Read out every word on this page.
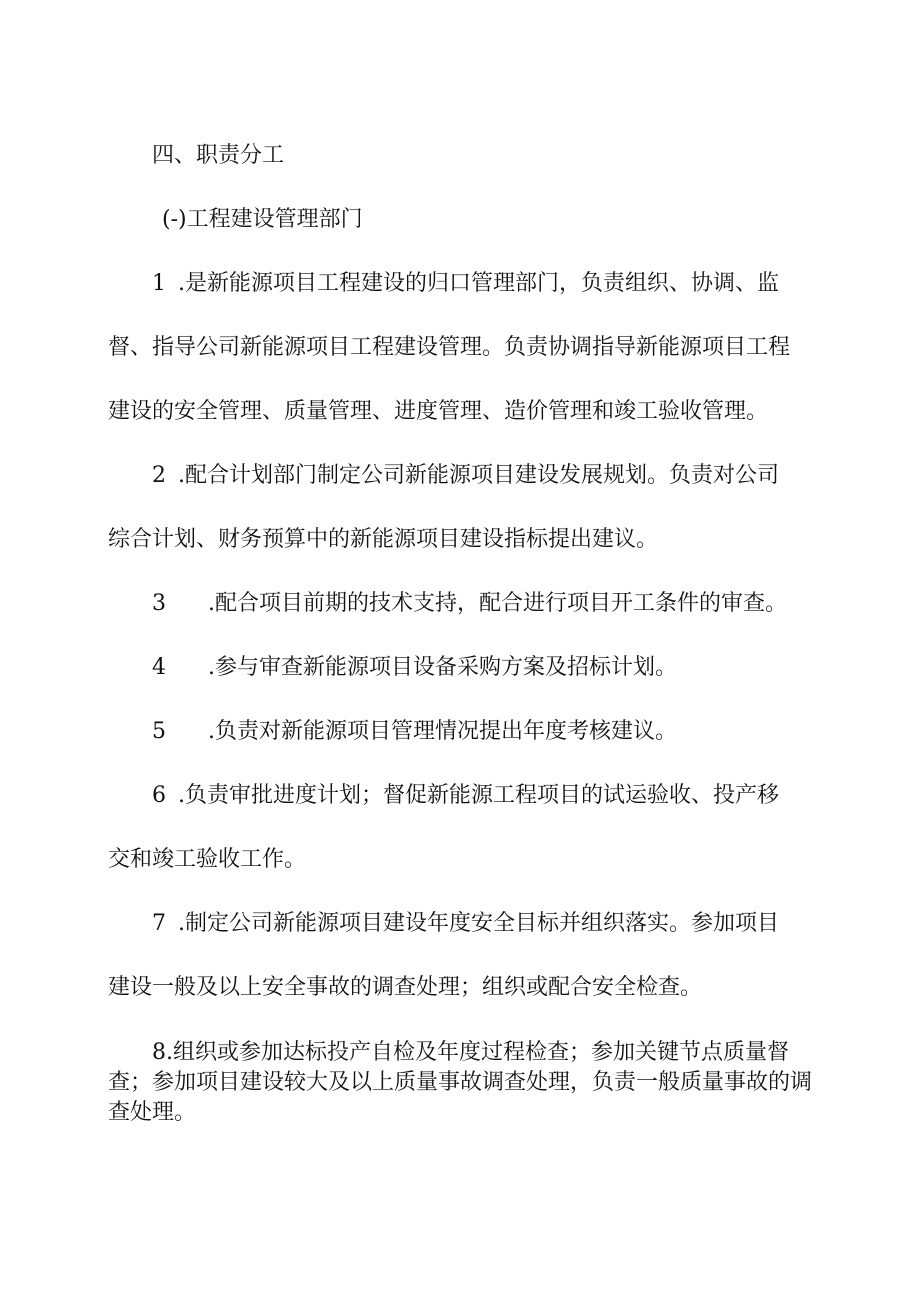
四、职责分工
(-)工程建设管理部门
1 .是新能源项目工程建设的归口管理部门，负责组织、协调、监
督、指导公司新能源项目工程建设管理。负责协调指导新能源项目工程
建设的安全管理、质量管理、进度管理、造价管理和竣工验收管理。
2 .配合计划部门制定公司新能源项目建设发展规划。负责对公司
综合计划、财务预算中的新能源项目建设指标提出建议。
3 .配合项目前期的技术支持，配合进行项目开工条件的审查。
4 .参与审查新能源项目设备采购方案及招标计划。
5 .负责对新能源项目管理情况提出年度考核建议。
6 .负责审批进度计划；督促新能源工程项目的试运验收、投产移
交和竣工验收工作。
7 .制定公司新能源项目建设年度安全目标并组织落实。参加项目
建设一般及以上安全事故的调查处理；组织或配合安全检查。
8.组织或参加达标投产自检及年度过程检查；参加关键节点质量督查；参加项目建设较大及以上质量事故调查处理，负责一般质量事故的调查处理。
